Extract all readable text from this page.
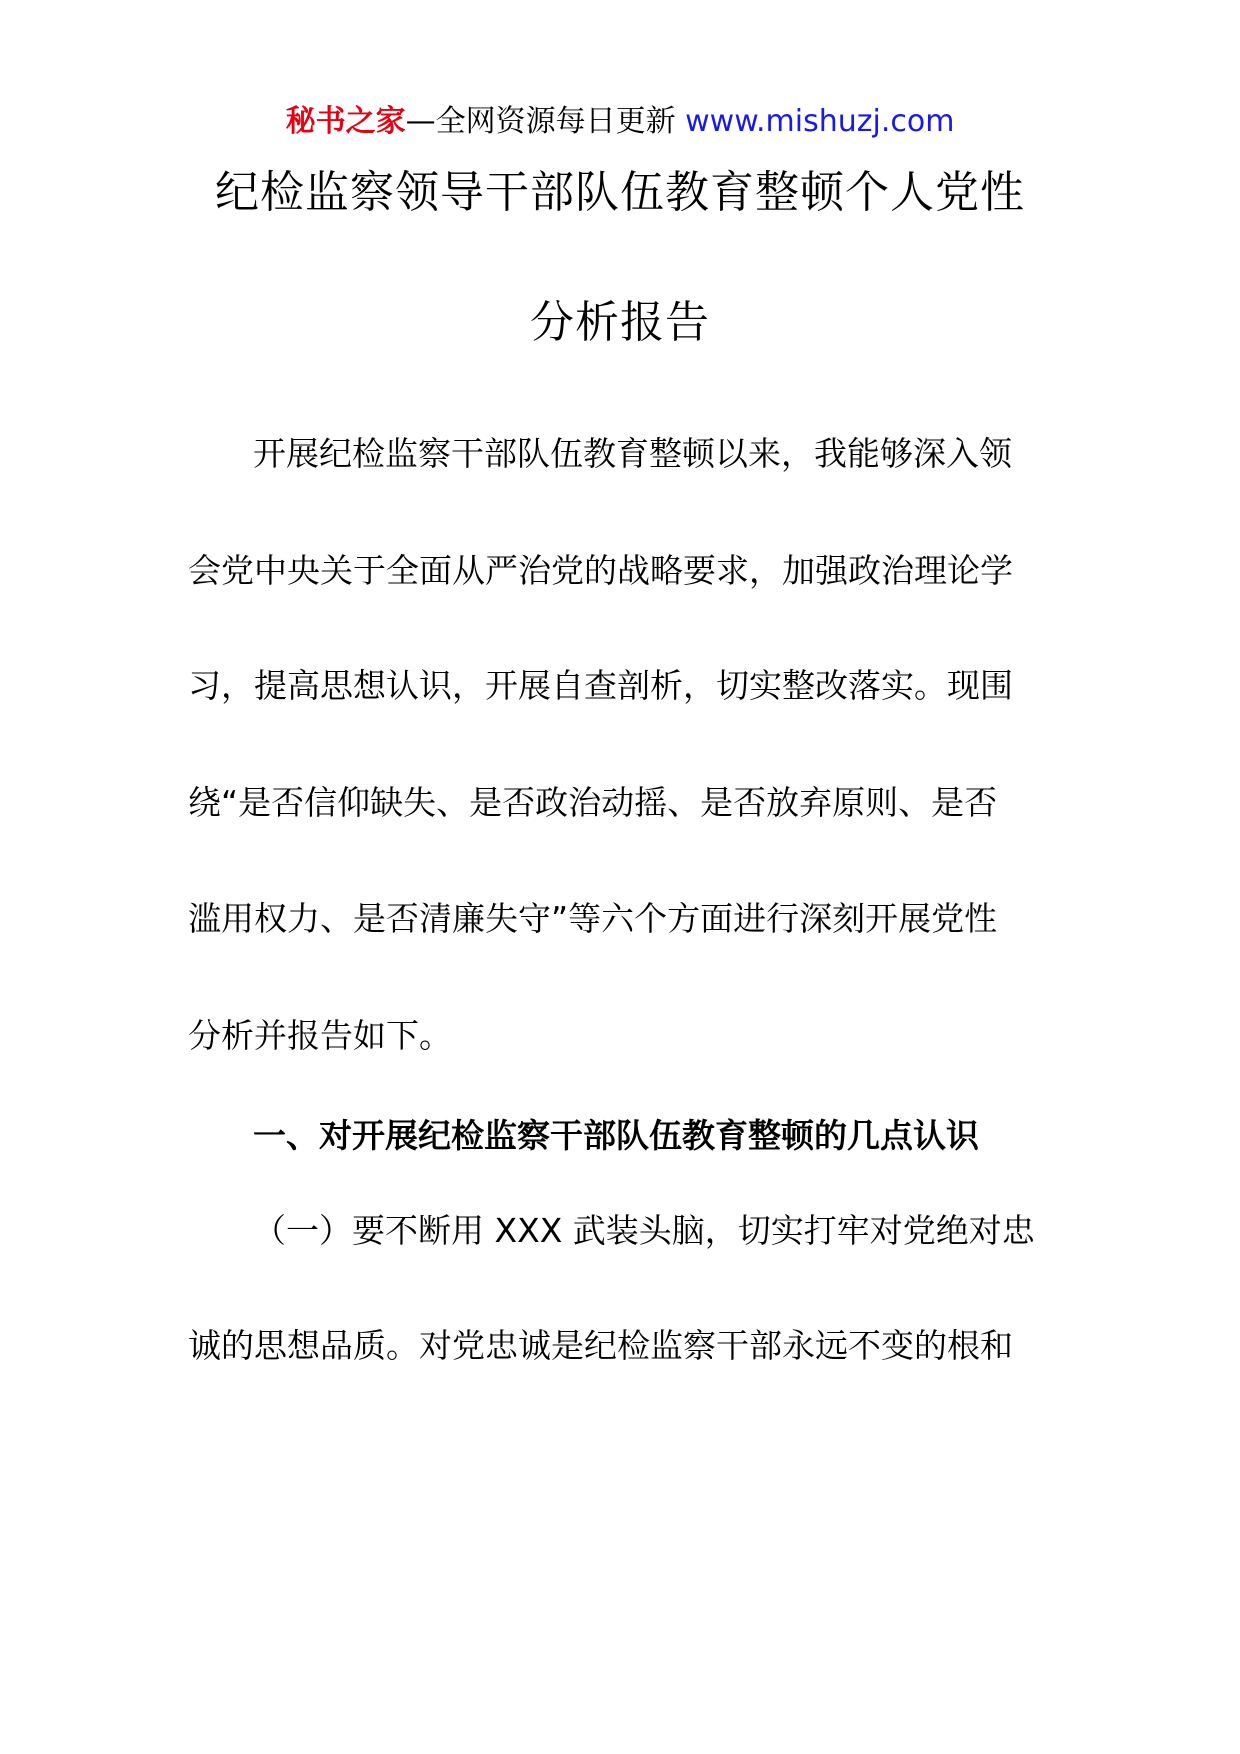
秘书之家—全网资源每日更新 www.mishuzj.com
纪检监察领导干部队伍教育整顿个人党性
分析报告
开展纪检监察干部队伍教育整顿以来，我能够深入领
会党中央关于全面从严治党的战略要求，加强政治理论学
习，提高思想认识，开展自查剖析，切实整改落实。现围
绕“是否信仰缺失、是否政治动摇、是否放弃原则、是否
滥用权力、是否清廉失守”等六个方面进行深刻开展党性
分析并报告如下。
一、对开展纪检监察干部队伍教育整顿的几点认识
（一）要不断用 XXX 武装头脑，切实打牢对党绝对忠
诚的思想品质。对党忠诚是纪检监察干部永远不变的根和
